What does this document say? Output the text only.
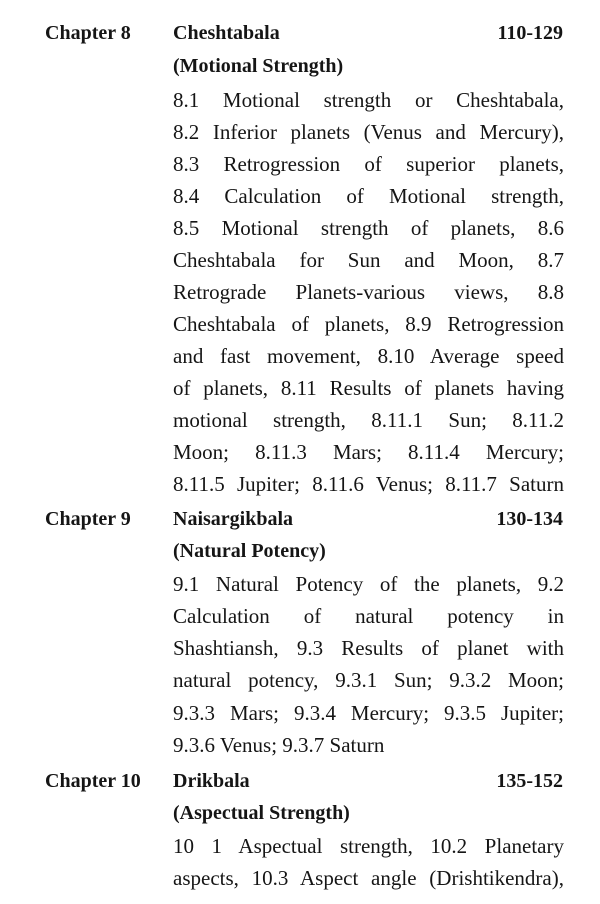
Chapter 8 Cheshtabala	110-129
(Motional Strength)
8.1 Motional strength or Cheshtabala,
8.2 Inferior planets (Venus and Mercury),
8.3 Retrogression of superior planets,
8.4 Calculation of Motional strength,
8.5 Motional strength of planets, 8.6
Cheshtabala for Sun and Moon, 8.7
Retrograde Planets-various views, 8.8
Cheshtabala of planets, 8.9 Retrogression
and fast movement, 8.10 Average speed
of planets, 8.11 Results of planets having
motional strength, 8.11.1 Sun; 8.11.2
Moon; 8.11.3 Mars; 8.11.4 Mercury;
8.11.5 Jupiter; 8.11.6 Venus; 8.11.7 Saturn
Chapter 9 Naisargikbala	130-134
(Natural Potency)
9.1 Natural Potency of the planets, 9.2
Calculation of natural potency in
Shashtiansh, 9.3 Results of planet with
natural potency, 9.3.1 Sun; 9.3.2 Moon;
9.3.3 Mars; 9.3.4 Mercury; 9.3.5 Jupiter;
9.3.6 Venus; 9.3.7 Saturn
Chapter 10 Drikbala	135-152
(Aspectual Strength)
10 1 Aspectual strength, 10.2 Planetary
aspects, 10.3 Aspect angle (Drishtikendra),
